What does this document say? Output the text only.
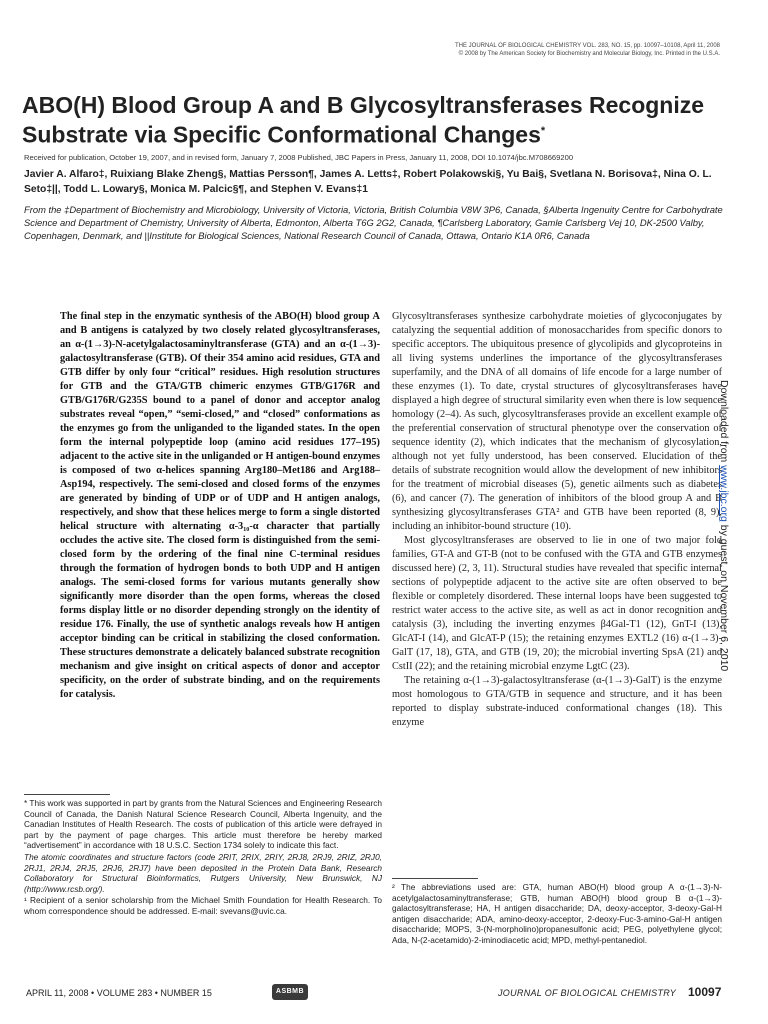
THE JOURNAL OF BIOLOGICAL CHEMISTRY VOL. 283, NO. 15, pp. 10097–10108, April 11, 2008
© 2008 by The American Society for Biochemistry and Molecular Biology, Inc. Printed in the U.S.A.
ABO(H) Blood Group A and B Glycosyltransferases Recognize
Substrate via Specific Conformational Changes*
Received for publication, October 19, 2007, and in revised form, January 7, 2008 Published, JBC Papers in Press, January 11, 2008, DOI 10.1074/jbc.M708669200
Javier A. Alfaro‡, Ruixiang Blake Zheng§, Mattias Persson¶, James A. Letts‡, Robert Polakowski§, Yu Bai§, Svetlana N. Borisova‡, Nina O. L. Seto‡||, Todd L. Lowary§, Monica M. Palcic§¶, and Stephen V. Evans‡1
From the ‡Department of Biochemistry and Microbiology, University of Victoria, Victoria, British Columbia V8W 3P6, Canada, §Alberta Ingenuity Centre for Carbohydrate Science and Department of Chemistry, University of Alberta, Edmonton, Alberta T6G 2G2, Canada, ¶Carlsberg Laboratory, Gamle Carlsberg Vej 10, DK-2500 Valby, Copenhagen, Denmark, and ||Institute for Biological Sciences, National Research Council of Canada, Ottawa, Ontario K1A 0R6, Canada

The final step in the enzymatic synthesis of the ABO(H) blood group A and B antigens is catalyzed by two closely related glycosyltransferases, an α-(1→3)-N-acetylgalactosaminyltransferase (GTA) and an α-(1→3)-galactosyltransferase (GTB). Of their 354 amino acid residues, GTA and GTB differ by only four “critical” residues. High resolution structures for GTB and the GTA/GTB chimeric enzymes GTB/G176R and GTB/G176R/G235S bound to a panel of donor and acceptor analog substrates reveal “open,” “semi-closed,” and “closed” conformations as the enzymes go from the unliganded to the liganded states. In the open form the internal polypeptide loop (amino acid residues 177–195) adjacent to the active site in the unliganded or H antigen-bound enzymes is composed of two α-helices spanning Arg180–Met186 and Arg188–Asp194, respectively. The semi-closed and closed forms of the enzymes are generated by binding of UDP or of UDP and H antigen analogs, respectively, and show that these helices merge to form a single distorted helical structure with alternating α-3₁₀-α character that partially occludes the active site. The closed form is distinguished from the semi-closed form by the ordering of the final nine C-terminal residues through the formation of hydrogen bonds to both UDP and H antigen analogs. The semi-closed forms for various mutants generally show significantly more disorder than the open forms, whereas the closed forms display little or no disorder depending strongly on the identity of residue 176. Finally, the use of synthetic analogs reveals how H antigen acceptor binding can be critical in stabilizing the closed conformation. These structures demonstrate a delicately balanced substrate recognition mechanism and give insight on critical aspects of donor and acceptor specificity, on the order of substrate binding, and on the requirements for catalysis.

Glycosyltransferases synthesize carbohydrate moieties of glycoconjugates by catalyzing the sequential addition of monosaccharides from specific donors to specific acceptors. The ubiquitous presence of glycolipids and glycoproteins in all living systems underlines the importance of the glycosyltransferases superfamily, and the DNA of all domains of life encode for a large number of these enzymes (1). To date, crystal structures of glycosyltransferases have displayed a high degree of structural similarity even when there is low sequence homology (2–4). As such, glycosyltransferases provide an excellent example of the preferential conservation of structural phenotype over the conservation of sequence identity (2), which indicates that the mechanism of glycosylation, although not yet fully understood, has been conserved. Elucidation of the details of substrate recognition would allow the development of new inhibitors for the treatment of microbial diseases (5), genetic ailments such as diabetes (6), and cancer (7). The generation of inhibitors of the blood group A and B synthesizing glycosyltransferases GTA² and GTB have been reported (8, 9), including an inhibitor-bound structure (10).

Most glycosyltransferases are observed to lie in one of two major fold families, GT-A and GT-B (not to be confused with the GTA and GTB enzymes discussed here) (2, 3, 11). Structural studies have revealed that specific internal sections of polypeptide adjacent to the active site are often observed to be flexible or completely disordered. These internal loops have been suggested to restrict water access to the active site, as well as act in donor recognition and catalysis (3), including the inverting enzymes β4Gal-T1 (12), GnT-I (13), GlcAT-I (14), and GlcAT-P (15); the retaining enzymes EXTL2 (16) α-(1→3)-GalT (17, 18), GTA, and GTB (19, 20); the microbial inverting SpsA (21) and CstII (22); and the retaining microbial enzyme LgtC (23).

The retaining α-(1→3)-galactosyltransferase (α-(1→3)-GalT) is the enzyme most homologous to GTA/GTB in sequence and structure, and it has been reported to display substrate-induced conformational changes (18). This enzyme

* This work was supported in part by grants from the Natural Sciences and Engineering Research Council of Canada, the Danish Natural Science Research Council, Alberta Ingenuity, and the Canadian Institutes of Health Research. The costs of publication of this article were defrayed in part by the payment of page charges. This article must therefore be hereby marked “advertisement” in accordance with 18 U.S.C. Section 1734 solely to indicate this fact.

The atomic coordinates and structure factors (code 2RIT, 2RIX, 2RIY, 2RJ8, 2RJ9, 2RIZ, 2RJ0, 2RJ1, 2RJ4, 2RJ5, 2RJ6, 2RJ7) have been deposited in the Protein Data Bank, Research Collaboratory for Structural Bioinformatics, Rutgers University, New Brunswick, NJ (http://www.rcsb.org/).

¹ Recipient of a senior scholarship from the Michael Smith Foundation for Health Research. To whom correspondence should be addressed. E-mail: svevans@uvic.ca.

² The abbreviations used are: GTA, human ABO(H) blood group A α-(1→3)-N-acetylgalactosaminyltransferase; GTB, human ABO(H) blood group B α-(1→3)-galactosyltransferase; HA, H antigen disaccharide; DA, deoxy-acceptor, 3-deoxy-Gal-H antigen disaccharide; ADA, amino-deoxy-acceptor, 2-deoxy-Fuc-3-amino-Gal-H antigen disaccharide; MOPS, 3-(N-morpholino)propanesulfonic acid; PEG, polyethylene glycol; Ada, N-(2-acetamido)-2-iminodiacetic acid; MPD, methyl-pentanediol.
Downloaded from www.jbc.org by guest, on November 6, 2010
APRIL 11, 2008 • VOLUME 283 • NUMBER 15	ASBMB	JOURNAL OF BIOLOGICAL CHEMISTRY 10097
